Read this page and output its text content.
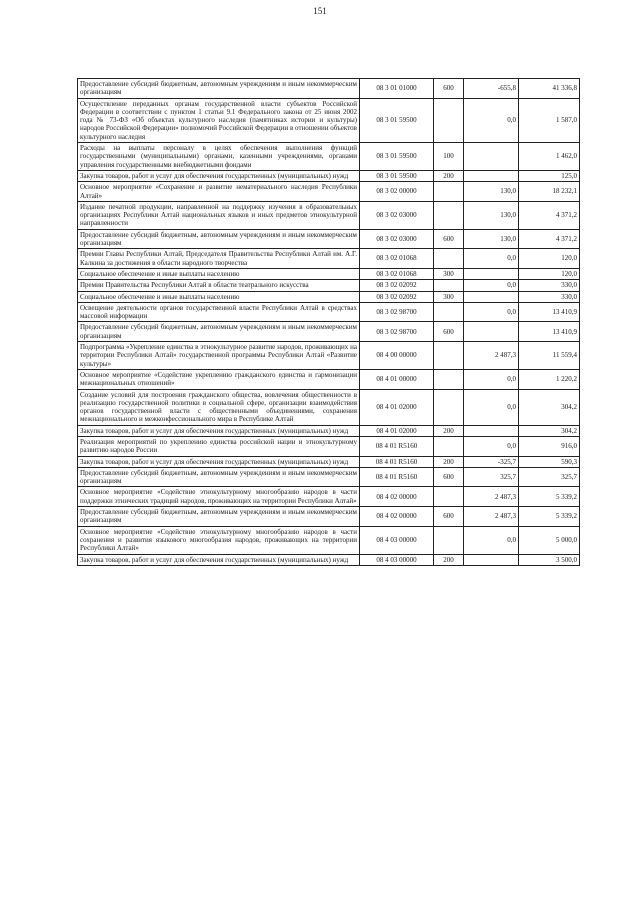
151
Предоставление субсидий бюджетным, автономным учреждениям и иным некоммерческим организациям	08 3 01 01000	600	-655,8	41 336,8
Осуществление переданных органам государственной власти субъектов Российской Федерации в соответствии с пунктом 1 статьи 9.1 Федерального закона от 25 июня 2002 года № 73-ФЗ «Об объектах культурного наследия (памятниках истории и культуры) народов Российской Федерации» полномочий Российской Федерации в отношении объектов культурного наследия	08 3 01 59500		0,0	1 587,0
Расходы на выплаты персоналу в целях обеспечения выполнения функций государственными (муниципальными) органами, казенными учреждениями, органами управления государственными внебюджетными фондами	08 3 01 59500	100		1 462,0
Закупка товаров, работ и услуг для обеспечения государственных (муниципальных) нужд	08 3 01 59500	200		125,0
Основное мероприятие «Сохранение и развитие нематериального наследия Республики Алтай»	08 3 02 00000		130,0	18 232,1
Издание печатной продукции, направленной на поддержку изучения в образовательных организациях Республики Алтай национальных языков и иных предметов этнокультурной направленности	08 3 02 03000		130,0	4 371,2
Предоставление субсидий бюджетным, автономным учреждениям и иным некоммерческим организациям	08 3 02 03000	600	130,0	4 371,2
Премии Главы Республики Алтай, Председателя Правительства Республики Алтай им. А.Г. Калкина за достижения в области народного творчества	08 3 02 01068		0,0	120,0
Социальное обеспечение и иные выплаты населению	08 3 02 01068	300		120,0
Премии Правительства Республики Алтай в области театрального искусства	08 3 02 02092		0,0	330,0
Социальное обеспечение и иные выплаты населению	08 3 02 02092	300		330,0
Освещение деятельности органов государственной власти Республики Алтай в средствах массовой информации	08 3 02 98700		0,0	13 410,9
Предоставление субсидий бюджетным, автономным учреждениям и иным некоммерческим организациям	08 3 02 98700	600		13 410,9
Подпрограмма «Укрепление единства в этнокультурное развитие народов, проживающих на территории Республики Алтай» государственной программы Республики Алтай «Развитие культуры»	08 4 00 00000		2 487,3	11 559,4
Основное мероприятие «Содействие укреплению гражданского единства и гармонизации межнациональных отношений»	08 4 01 00000		0,0	1 220,2
Создание условий для построения гражданского общества, вовлечения общественности в реализацию государственной политики в социальной сфере, организации взаимодействия органов государственной власти с общественными объединениями, сохранения межнационального и межконфессионального мира в Республике Алтай	08 4 01 02000		0,0	304,2
Закупка товаров, работ и услуг для обеспечения государственных (муниципальных) нужд	08 4 01 02000	200		304,2
Реализация мероприятий по укреплению единства российской нации и этнокультурному развитию народов России	08 4 01 R5160		0,0	916,0
Закупка товаров, работ и услуг для обеспечения государственных (муниципальных) нужд	08 4 01 R5160	200	-325,7	590,3
Предоставление субсидий бюджетным, автономным учреждениям и иным некоммерческим организациям	08 4 01 R5160	600	325,7	325,7
Основное мероприятие «Содействие этнокультурному многообразию народов в части поддержки этнических традиций народов, проживающих на территории Республики Алтай»	08 4 02 00000		2 487,3	5 339,2
Предоставление субсидий бюджетным, автономным учреждениям и иным некоммерческим организациям	08 4 02 00000	600	2 487,3	5 339,2
Основное мероприятие «Содействие этнокультурному многообразию народов в части сохранения и развития языкового многообразия народов, проживающих на территории Республики Алтай»	08 4 03 00000		0,0	5 000,0
Закупка товаров, работ и услуг для обеспечения государственных (муниципальных) нужд	08 4 03 00000	200		3 500,0
